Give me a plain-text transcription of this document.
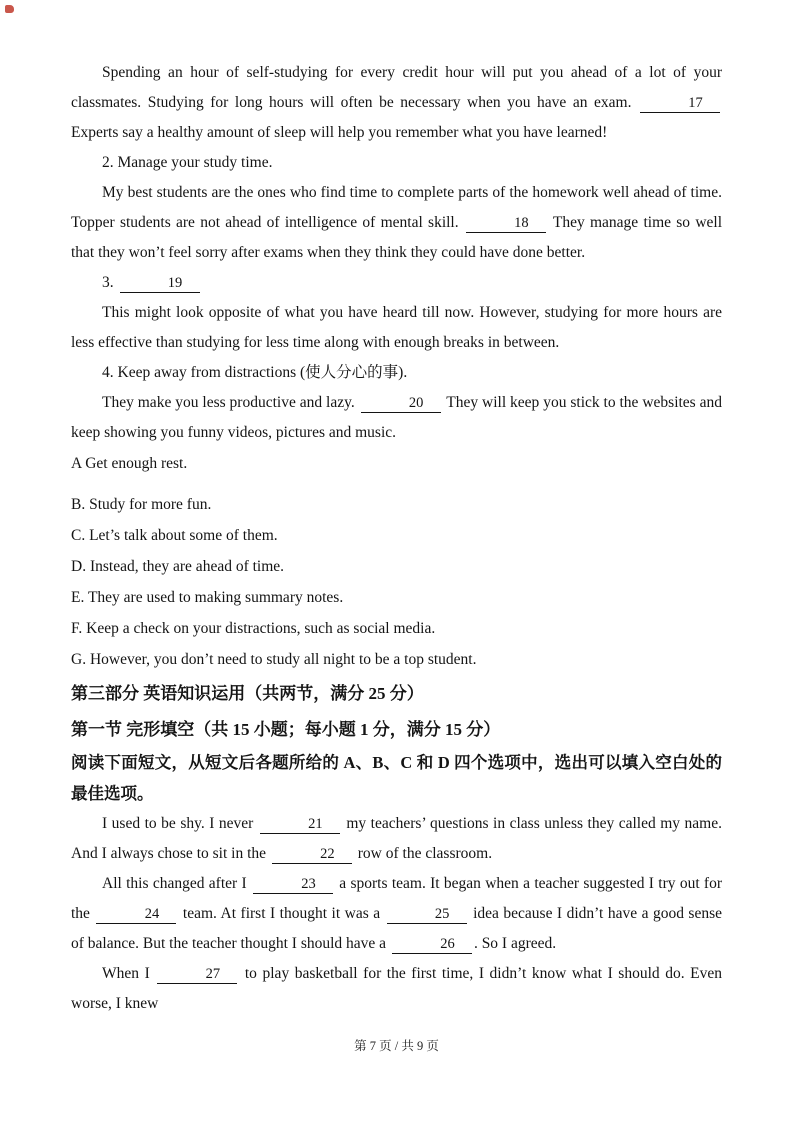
Spending an hour of self-studying for every credit hour will put you ahead of a lot of your classmates. Studying for long hours will often be necessary when you have an exam.	17 Experts say a healthy amount of sleep will help you remember what you have learned!

2. Manage your study time.

My best students are the ones who find time to complete parts of the homework well ahead of time. Topper students are not ahead of intelligence of mental skill.	18 They manage time so well that they won’t feel sorry after exams when they think they could have done better.

3.	19

This might look opposite of what you have heard till now. However, studying for more hours are less effective than studying for less time along with enough breaks in between.

4. Keep away from distractions (使人分心的事).

They make you less productive and lazy.	20 They will keep you stick to the websites and keep showing you funny videos, pictures and music.

A Get enough rest.

B. Study for more fun.

C. Let’s talk about some of them.

D. Instead, they are ahead of time.

E. They are used to making summary notes.

F. Keep a check on your distractions, such as social media.

G. However, you don’t need to study all night to be a top student.

第三部分 英语知识运用（共两节，满分 25 分）

第一节 完形填空（共 15 小题；每小题 1 分，满分 15 分）

阅读下面短文，从短文后各题所给的 A、B、C 和 D 四个选项中，选出可以填入空白处的最佳选项。

I used to be shy. I never	21 my teachers’ questions in class unless they called my name. And I always chose to sit in the	22 row of the classroom.

All this changed after I	23 a sports team. It began when a teacher suggested I try out for the	24 team. At first I thought it was a	25 idea because I didn’t have a good sense of balance. But the teacher thought I should have a	26 . So I agreed.

When I	27 to play basketball for the first time, I didn’t know what I should do. Even worse, I knew

第 7 页 / 共 9 页
